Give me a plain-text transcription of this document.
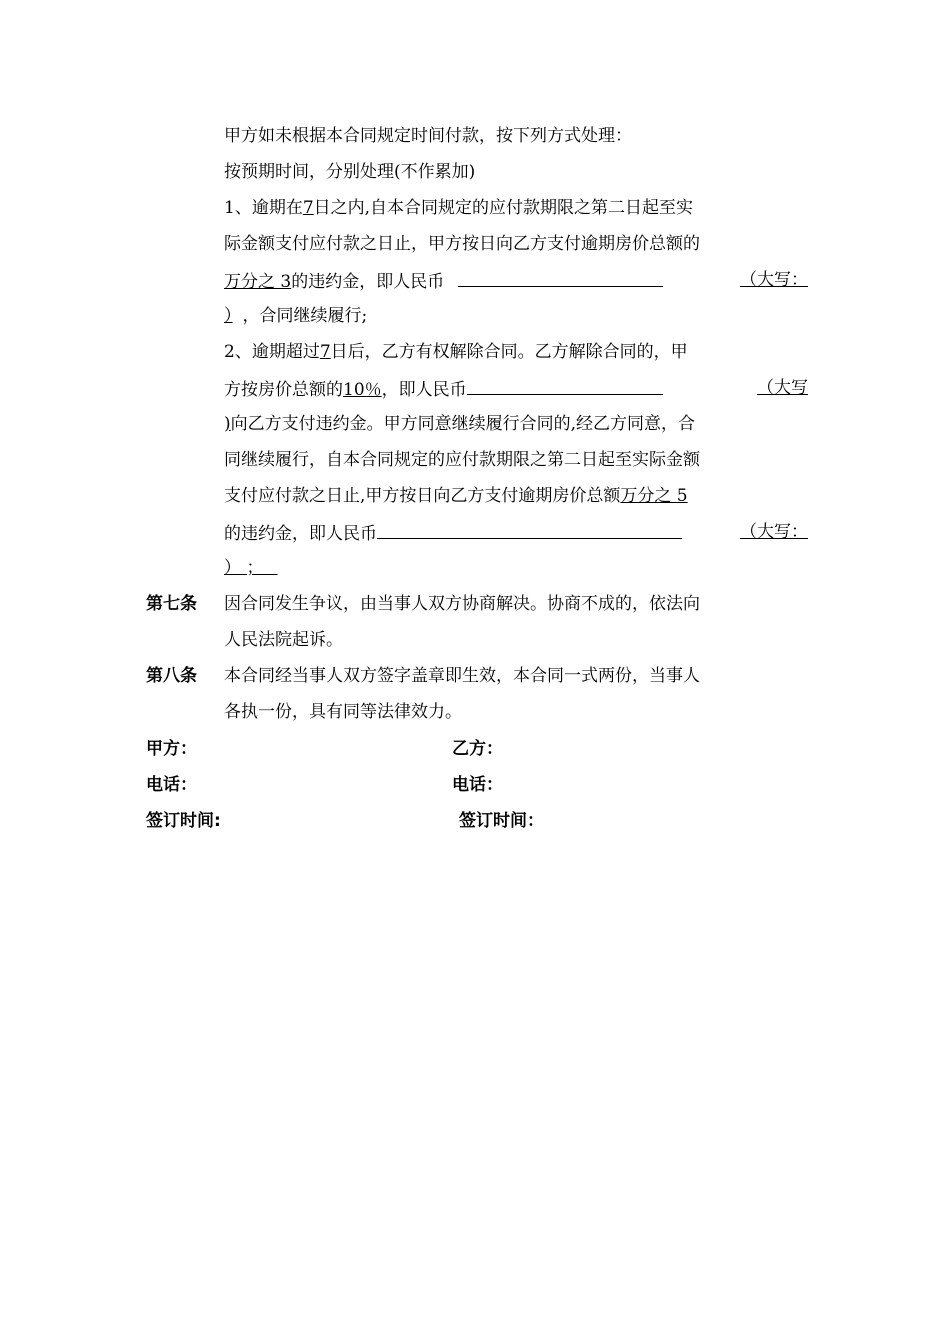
甲方如未根据本合同规定时间付款，按下列方式处理：
按预期时间，分别处理(不作累加)
1、逾期在7日之内,自本合同规定的应付款期限之第二日起至实
际金额支付应付款之日止，甲方按日向乙方支付逾期房价总额的
万分之 3的违约金，即人民币	（大写：
） ，合同继续履行;
2、逾期超过7日后，乙方有权解除合同。乙方解除合同的，甲
方按房价总额的10％，即人民币	（大写
)向乙方支付违约金。甲方同意继续履行合同的,经乙方同意，合
同继续履行，自本合同规定的应付款期限之第二日起至实际金额
支付应付款之日止,甲方按日向乙方支付逾期房价总额万分之 5
的违约金，即人民币	（大写：
）；
第七条 因合同发生争议，由当事人双方协商解决。协商不成的，依法向
人民法院起诉。
第八条 本合同经当事人双方签字盖章即生效，本合同一式两份，当事人
各执一份，具有同等法律效力。
甲方：	乙方：
电话：	电话：
签订时间:	签订时间：
